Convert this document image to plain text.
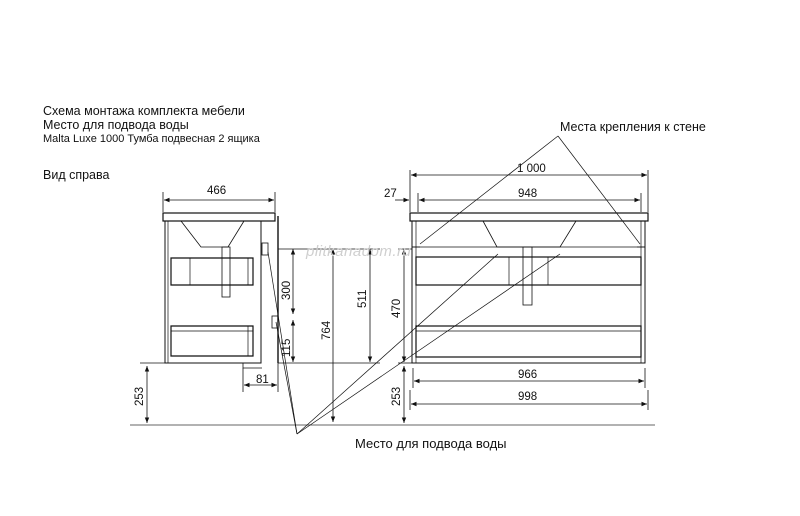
Схема монтажа комплекта мебели
Место для подвода воды
Malta Luxe 1000 Тумба подвесная 2 ящика
Вид справа
Места крепления к стене
Место для подвода воды
466
300
115
764
511
253
81
1 000
27	948
470
253
966
998
plitkanadom.ru
